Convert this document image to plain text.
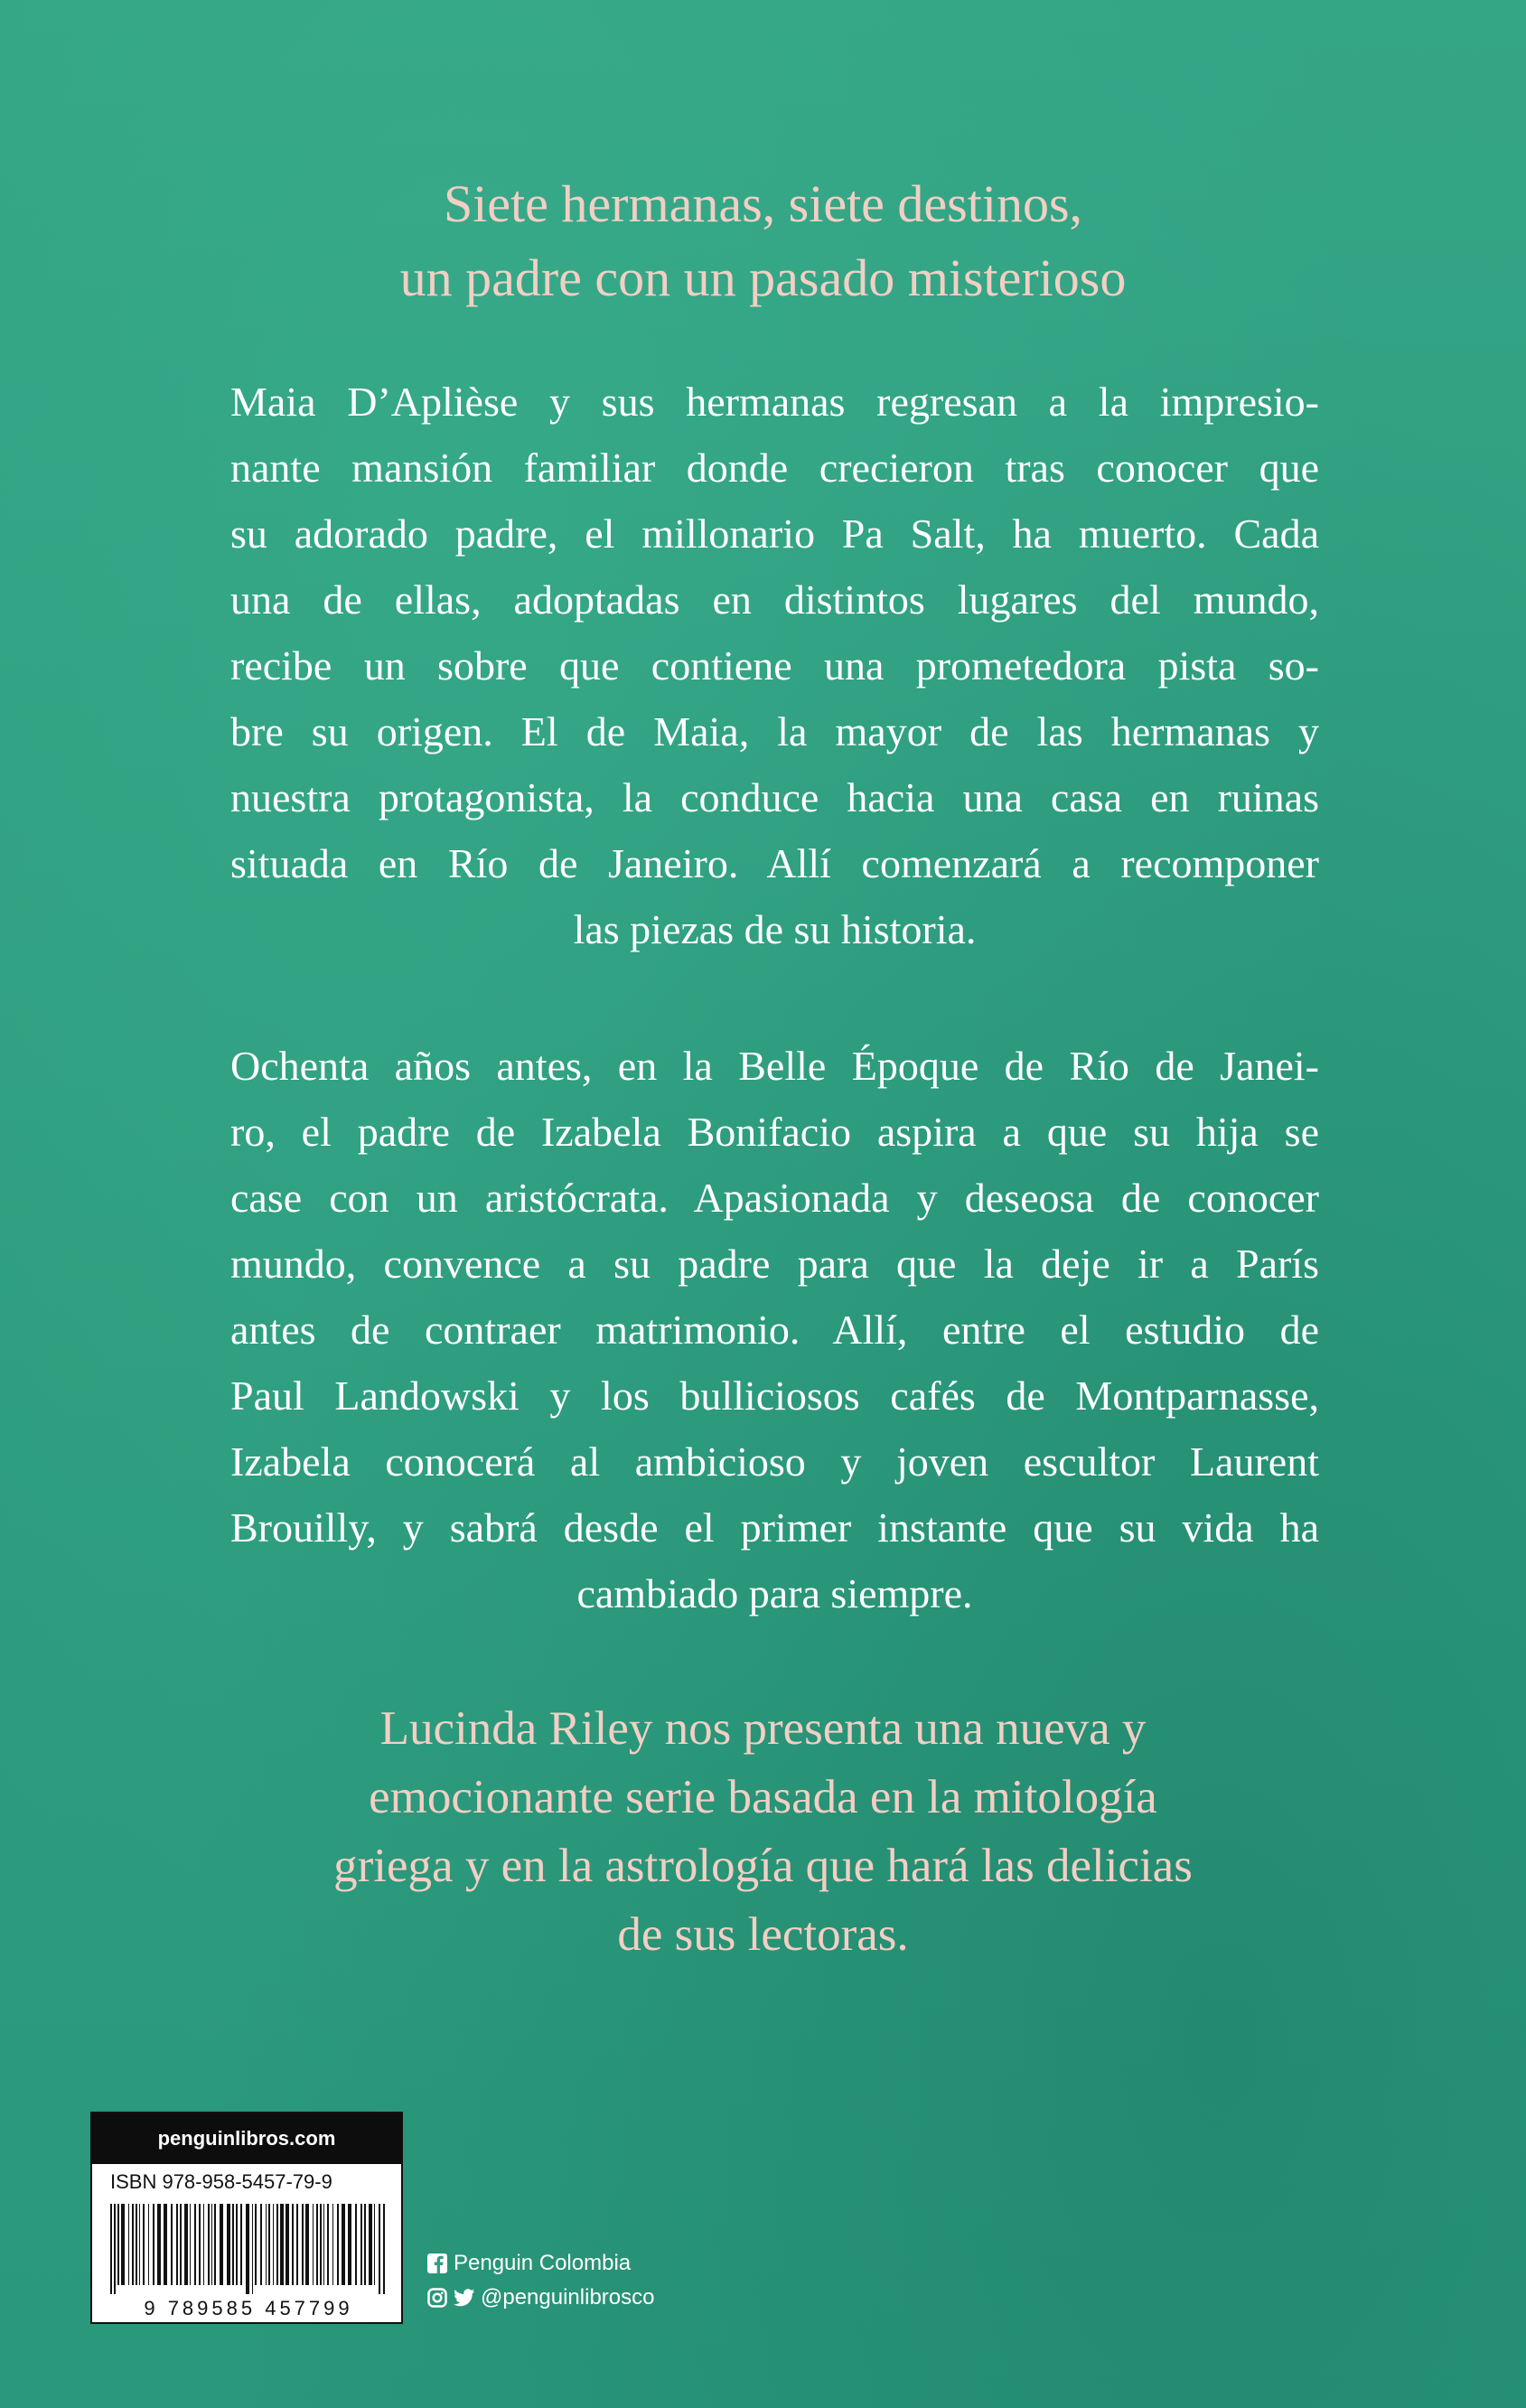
Siete hermanas, siete destinos,
un padre con un pasado misterioso
Maia D’Aplièse y sus hermanas regresan a la impresio-
nante mansión familiar donde crecieron tras conocer que
su adorado padre, el millonario Pa Salt, ha muerto. Cada
una de ellas, adoptadas en distintos lugares del mundo,
recibe un sobre que contiene una prometedora pista so-
bre su origen. El de Maia, la mayor de las hermanas y
nuestra protagonista, la conduce hacia una casa en ruinas
situada en Río de Janeiro. Allí comenzará a recomponer
las piezas de su historia.
Ochenta años antes, en la Belle Époque de Río de Janei-
ro, el padre de Izabela Bonifacio aspira a que su hija se
case con un aristócrata. Apasionada y deseosa de conocer
mundo, convence a su padre para que la deje ir a París
antes de contraer matrimonio. Allí, entre el estudio de
Paul Landowski y los bulliciosos cafés de Montparnasse,
Izabela conocerá al ambicioso y joven escultor Laurent
Brouilly, y sabrá desde el primer instante que su vida ha
cambiado para siempre.
Lucinda Riley nos presenta una nueva y
emocionante serie basada en la mitología
griega y en la astrología que hará las delicias
de sus lectoras.
penguinlibros.com
ISBN 978-958-5457-79-9
9 789585 457799
Penguin Colombia
@penguinlibrosco
